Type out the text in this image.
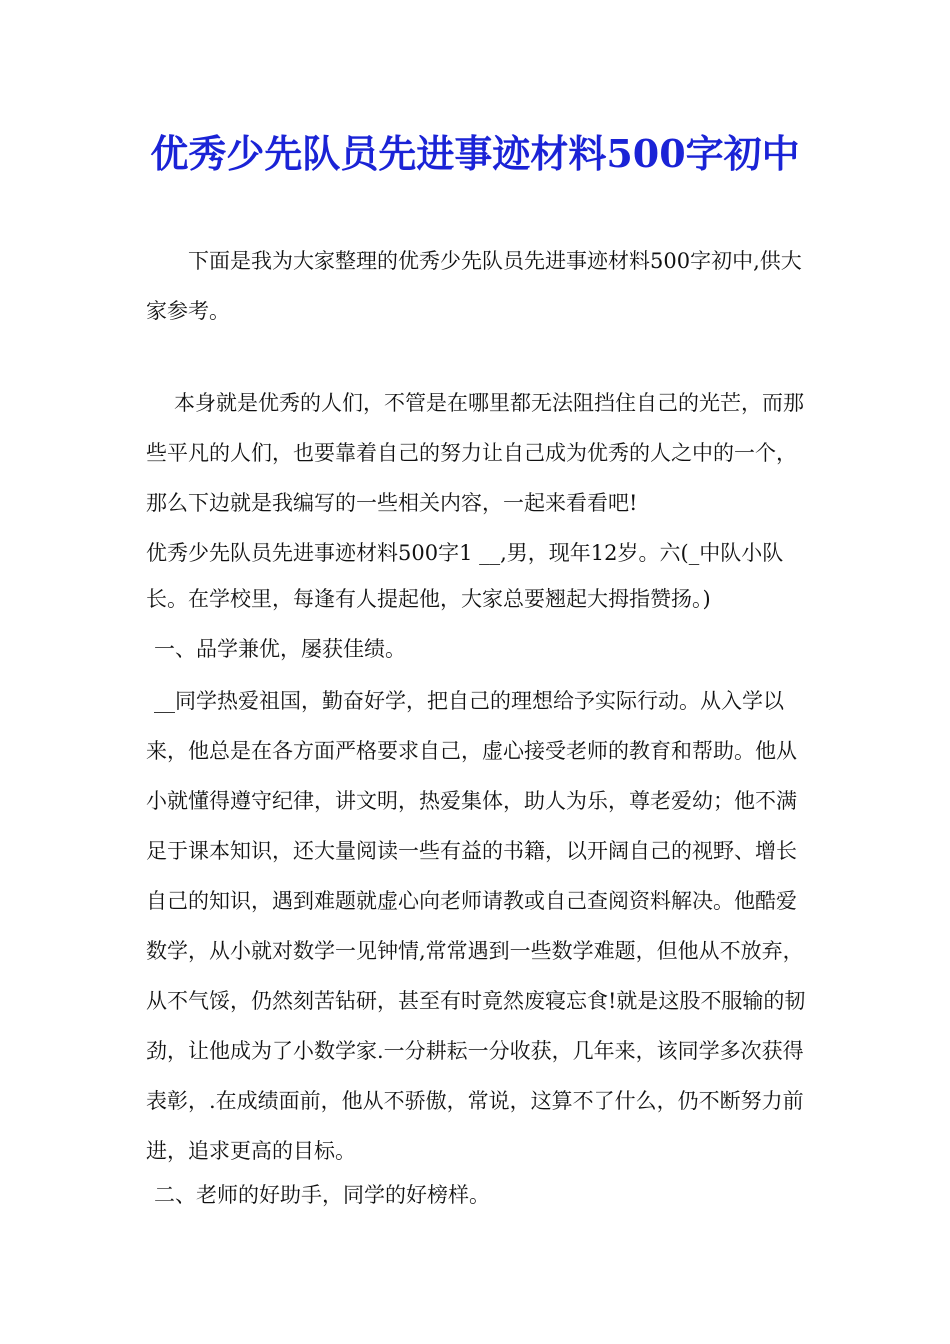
优秀少先队员先进事迹材料500字初中

下面是我为大家整理的优秀少先队员先进事迹材料500字初中,供大家参考。

本身就是优秀的人们，不管是在哪里都无法阻挡住自己的光芒，而那些平凡的人们，也要靠着自己的努力让自己成为优秀的人之中的一个，那么下边就是我编写的一些相关内容，一起来看看吧!

优秀少先队员先进事迹材料500字1 __,男，现年12岁。六(_中队小队长。在学校里，每逢有人提起他，大家总要翘起大拇指赞扬。)

一、品学兼优，屡获佳绩。

__同学热爱祖国，勤奋好学，把自己的理想给予实际行动。从入学以来，他总是在各方面严格要求自己，虚心接受老师的教育和帮助。他从小就懂得遵守纪律，讲文明，热爱集体，助人为乐，尊老爱幼；他不满足于课本知识，还大量阅读一些有益的书籍，以开阔自己的视野、增长自己的知识，遇到难题就虚心向老师请教或自己查阅资料解决。他酷爱数学，从小就对数学一见钟情,常常遇到一些数学难题，但他从不放弃，从不气馁，仍然刻苦钻研，甚至有时竟然废寝忘食!就是这股不服输的韧劲，让他成为了小数学家.一分耕耘一分收获，几年来，该同学多次获得表彰，.在成绩面前，他从不骄傲，常说，这算不了什么，仍不断努力前进，追求更高的目标。

二、老师的好助手，同学的好榜样。
